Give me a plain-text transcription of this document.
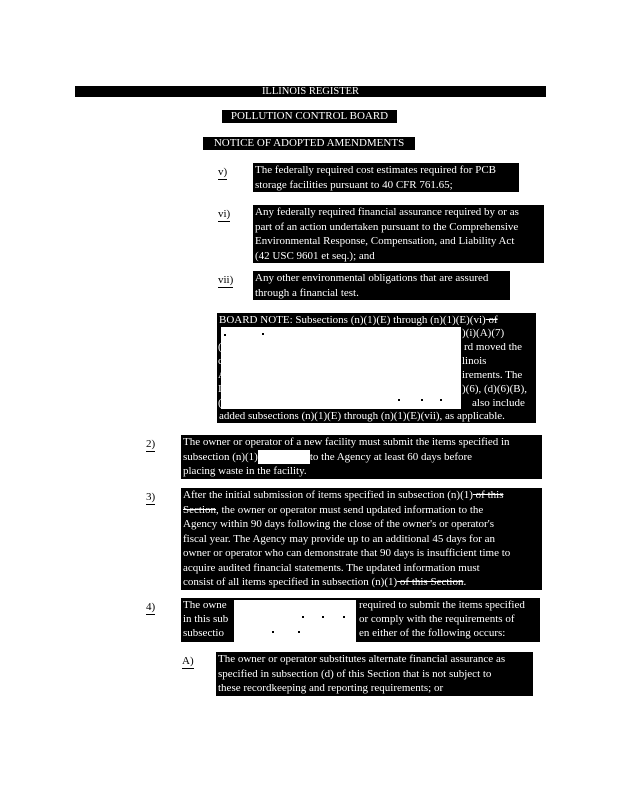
ILLINOIS REGISTER
POLLUTION CONTROL BOARD
NOTICE OF ADOPTED AMENDMENTS
v)	The federally required cost estimates required for PCB
storage facilities pursuant to 40 CFR 761.65;
vi) Any federally required financial assurance required by or as
part of an action undertaken pursuant to the Comprehensive
Environmental Response, Compensation, and Liability Act
(42 USC 9601 et seq.); and
vii) Any other environmental obligations that are assured
through a financial test.
BOARD NOTE: Subsections (n)(1)(E) through (n)(1)(E)(vi) of
)(i)(A)(7)
(	rd moved the
c	linois
A	irements. The
I	)(6), (d)(6)(B),
(	also include
added subsections (n)(1)(E) through (n)(1)(E)(vii), as applicable.
2)	The owner or operator of a new facility must submit the items specified in
subsection (n)(1)	to the Agency at least 60 days before
placing waste in the facility.
3)	After the initial submission of items specified in subsection (n)(1) of this
Section, the owner or operator must send updated information to the
Agency within 90 days following the close of the owner's or operator's
fiscal year. The Agency may provide up to an additional 45 days for an
owner or operator who can demonstrate that 90 days is insufficient time to
acquire audited financial statements. The updated information must
consist of all items specified in subsection (n)(1) of this Section.
4)	The owne
in this sub
subsectio
required to submit the items specified
or comply with the requirements of
en either of the following occurs:
A) The owner or operator substitutes alternate financial assurance as
specified in subsection (d) of this Section that is not subject to
these recordkeeping and reporting requirements; or
